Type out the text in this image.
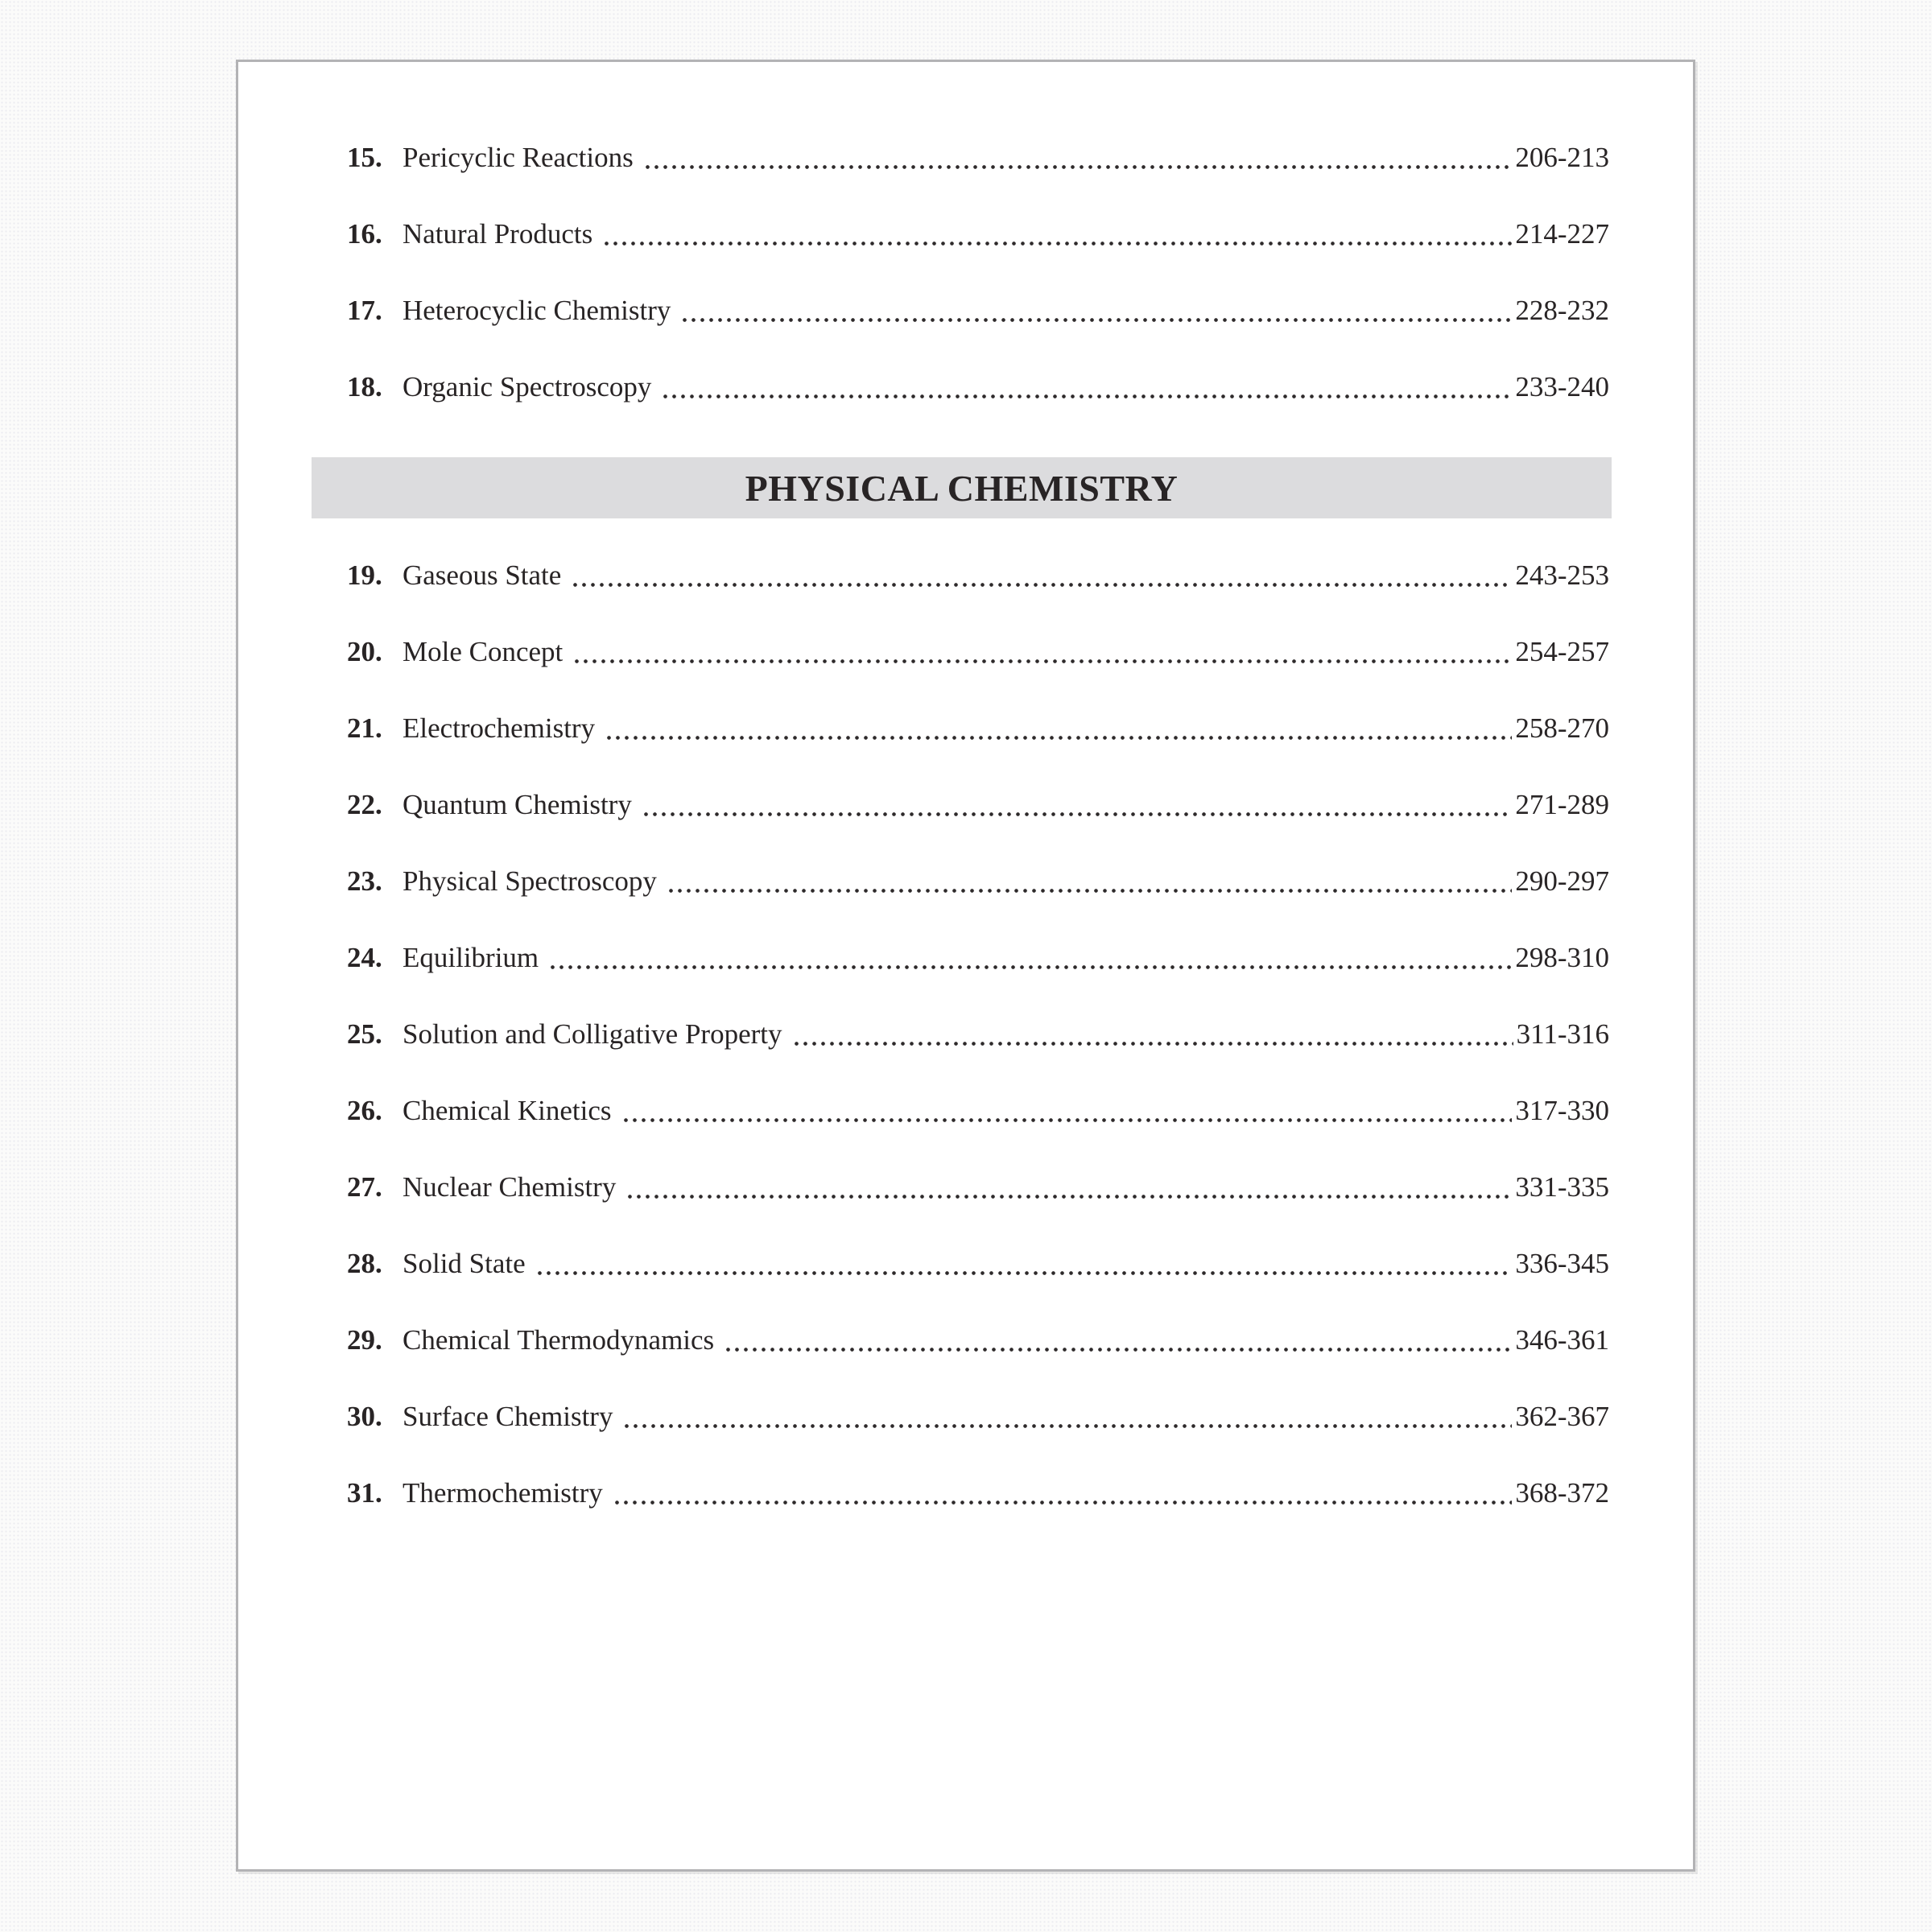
15. Pericyclic Reactions	206-213
16. Natural Products	214-227
17. Heterocyclic Chemistry	228-232
18. Organic Spectroscopy	233-240
PHYSICAL CHEMISTRY
19. Gaseous State	243-253
20. Mole Concept	254-257
21. Electrochemistry	258-270
22. Quantum Chemistry	271-289
23. Physical Spectroscopy	290-297
24. Equilibrium	298-310
25. Solution and Colligative Property	311-316
26. Chemical Kinetics	317-330
27. Nuclear Chemistry	331-335
28. Solid State	336-345
29. Chemical Thermodynamics	346-361
30. Surface Chemistry	362-367
31. Thermochemistry	368-372
